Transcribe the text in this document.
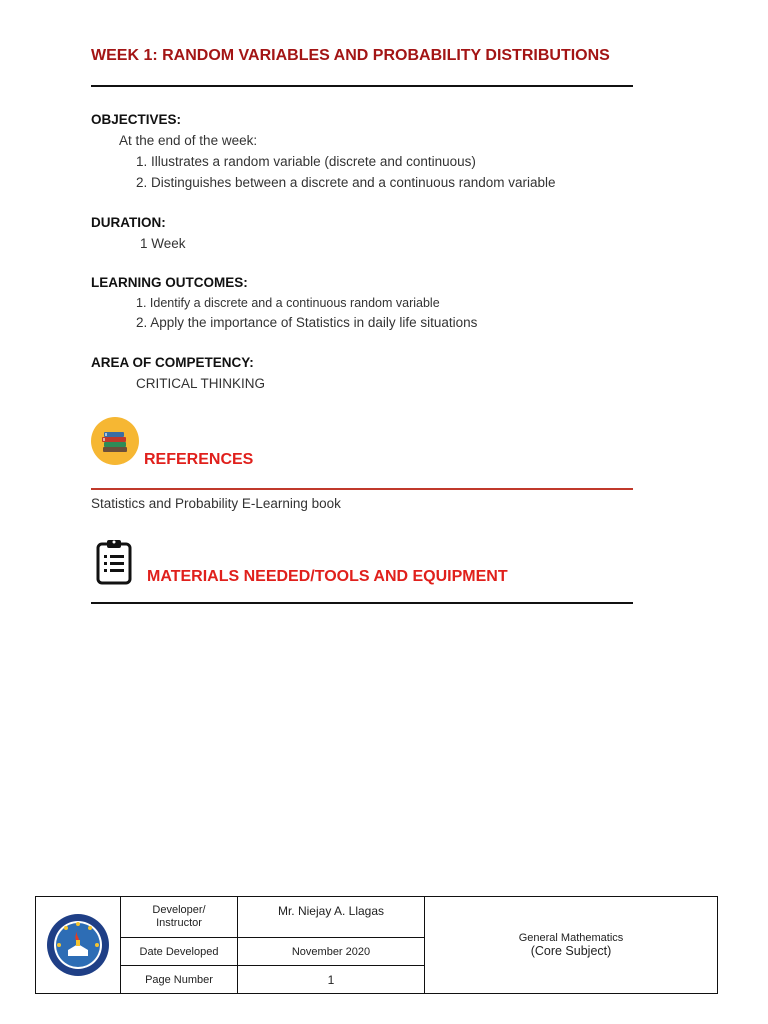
WEEK 1: RANDOM VARIABLES AND PROBABILITY DISTRIBUTIONS
OBJECTIVES:
At the end of the week:
1. Illustrates a random variable (discrete and continuous)
2. Distinguishes between a discrete and a continuous random variable
DURATION:
1 Week
LEARNING OUTCOMES:
1. Identify a discrete and a continuous random variable
2. Apply the importance of Statistics in daily life situations
AREA OF COMPETENCY:
CRITICAL THINKING
REFERENCES
Statistics and Probability E-Learning book
MATERIALS NEEDED/TOOLS AND EQUIPMENT
Developer/ Instructor
Mr. Niejay A. Llagas
Date Developed	November 2020
Page Number	1
General Mathematics
(Core Subject)
